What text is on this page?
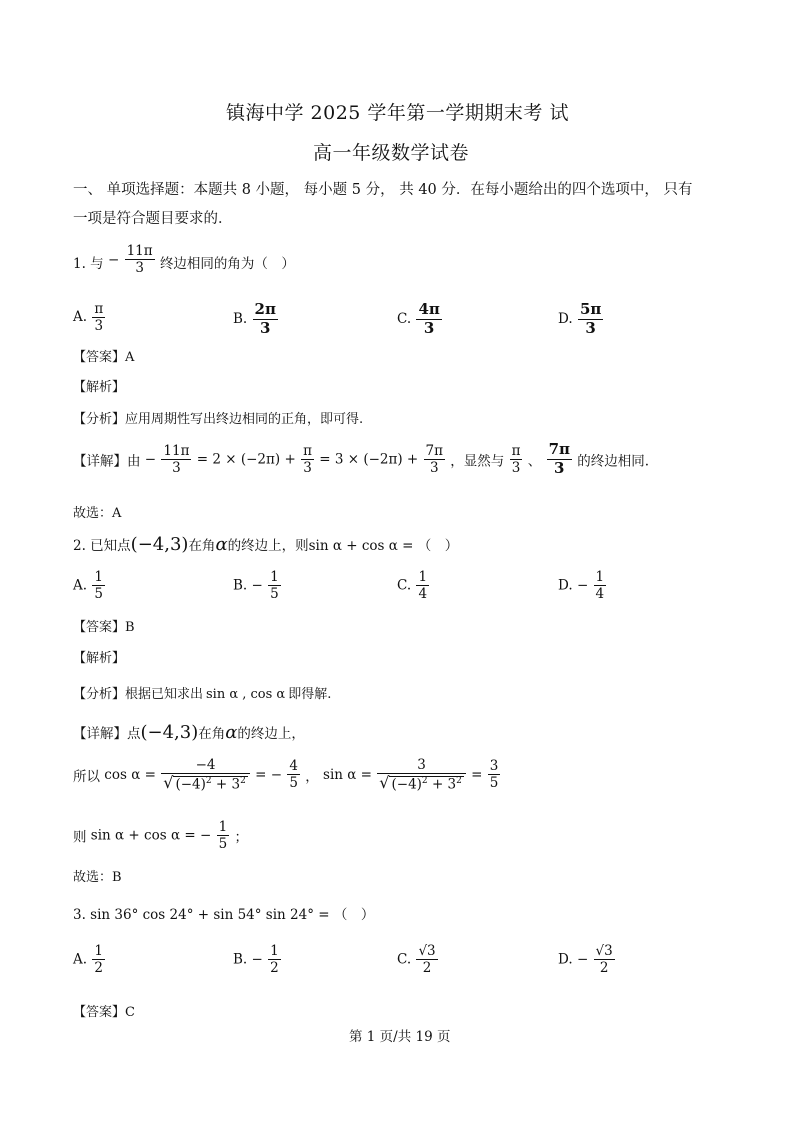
镇海中学 2025 学年第一学期期末考 试
高一年级数学试卷
一、 单项选择题：本题共 8 小题， 每小题 5 分， 共 40 分．在每小题给出的四个选项中， 只有
一项是符合题目要求的．
1. 与 − $\frac{11\pi}{3}$ 终边相同的角为（　）
A. $\frac{\pi}{3}$	B. $\frac{2\pi}{3}$	C. $\frac{4\pi}{3}$	D. $\frac{5\pi}{3}$
【答案】A
【解析】
【分析】应用周期性写出终边相同的正角，即可得.
【详解】由 − $\frac{11\pi}{3} = 2 \times (-2\pi) + \frac{\pi}{3} = 3 \times (-2\pi) + \frac{7\pi}{3}$ ，显然与 $\frac{\pi}{3}$ 、 $\frac{7\pi}{3}$ 的终边相同.
故选：A
2. 已知点(−4,3)在角α的终边上，则sin α + cos α = （　）
A. $\frac{1}{5}$	B. − $\frac{1}{5}$	C. $\frac{1}{4}$	D. − $\frac{1}{4}$
【答案】B
【解析】
【分析】根据已知求出 sin α , cos α 即得解.
【详解】点(−4,3)在角α的终边上，
所以 $\cos \alpha = \frac{-4}{√ (-4)^2 + 3^2}$ = − $\frac{4}{5}$ ， $\sin \alpha = \frac{3}{√ (-4)^2 + 3^2} = \frac{3}{5}$
则 sin α + cos α = − $\frac{1}{5}$ ；
故选：B
3. sin 36° cos 24° + sin 54° sin 24° = （　）
A. $\frac{1}{2}$	B. − $\frac{1}{2}$	C. $\frac{√3}{2}$	D. − $\frac{√3}{2}$
【答案】C
第 1 页/共 19 页
